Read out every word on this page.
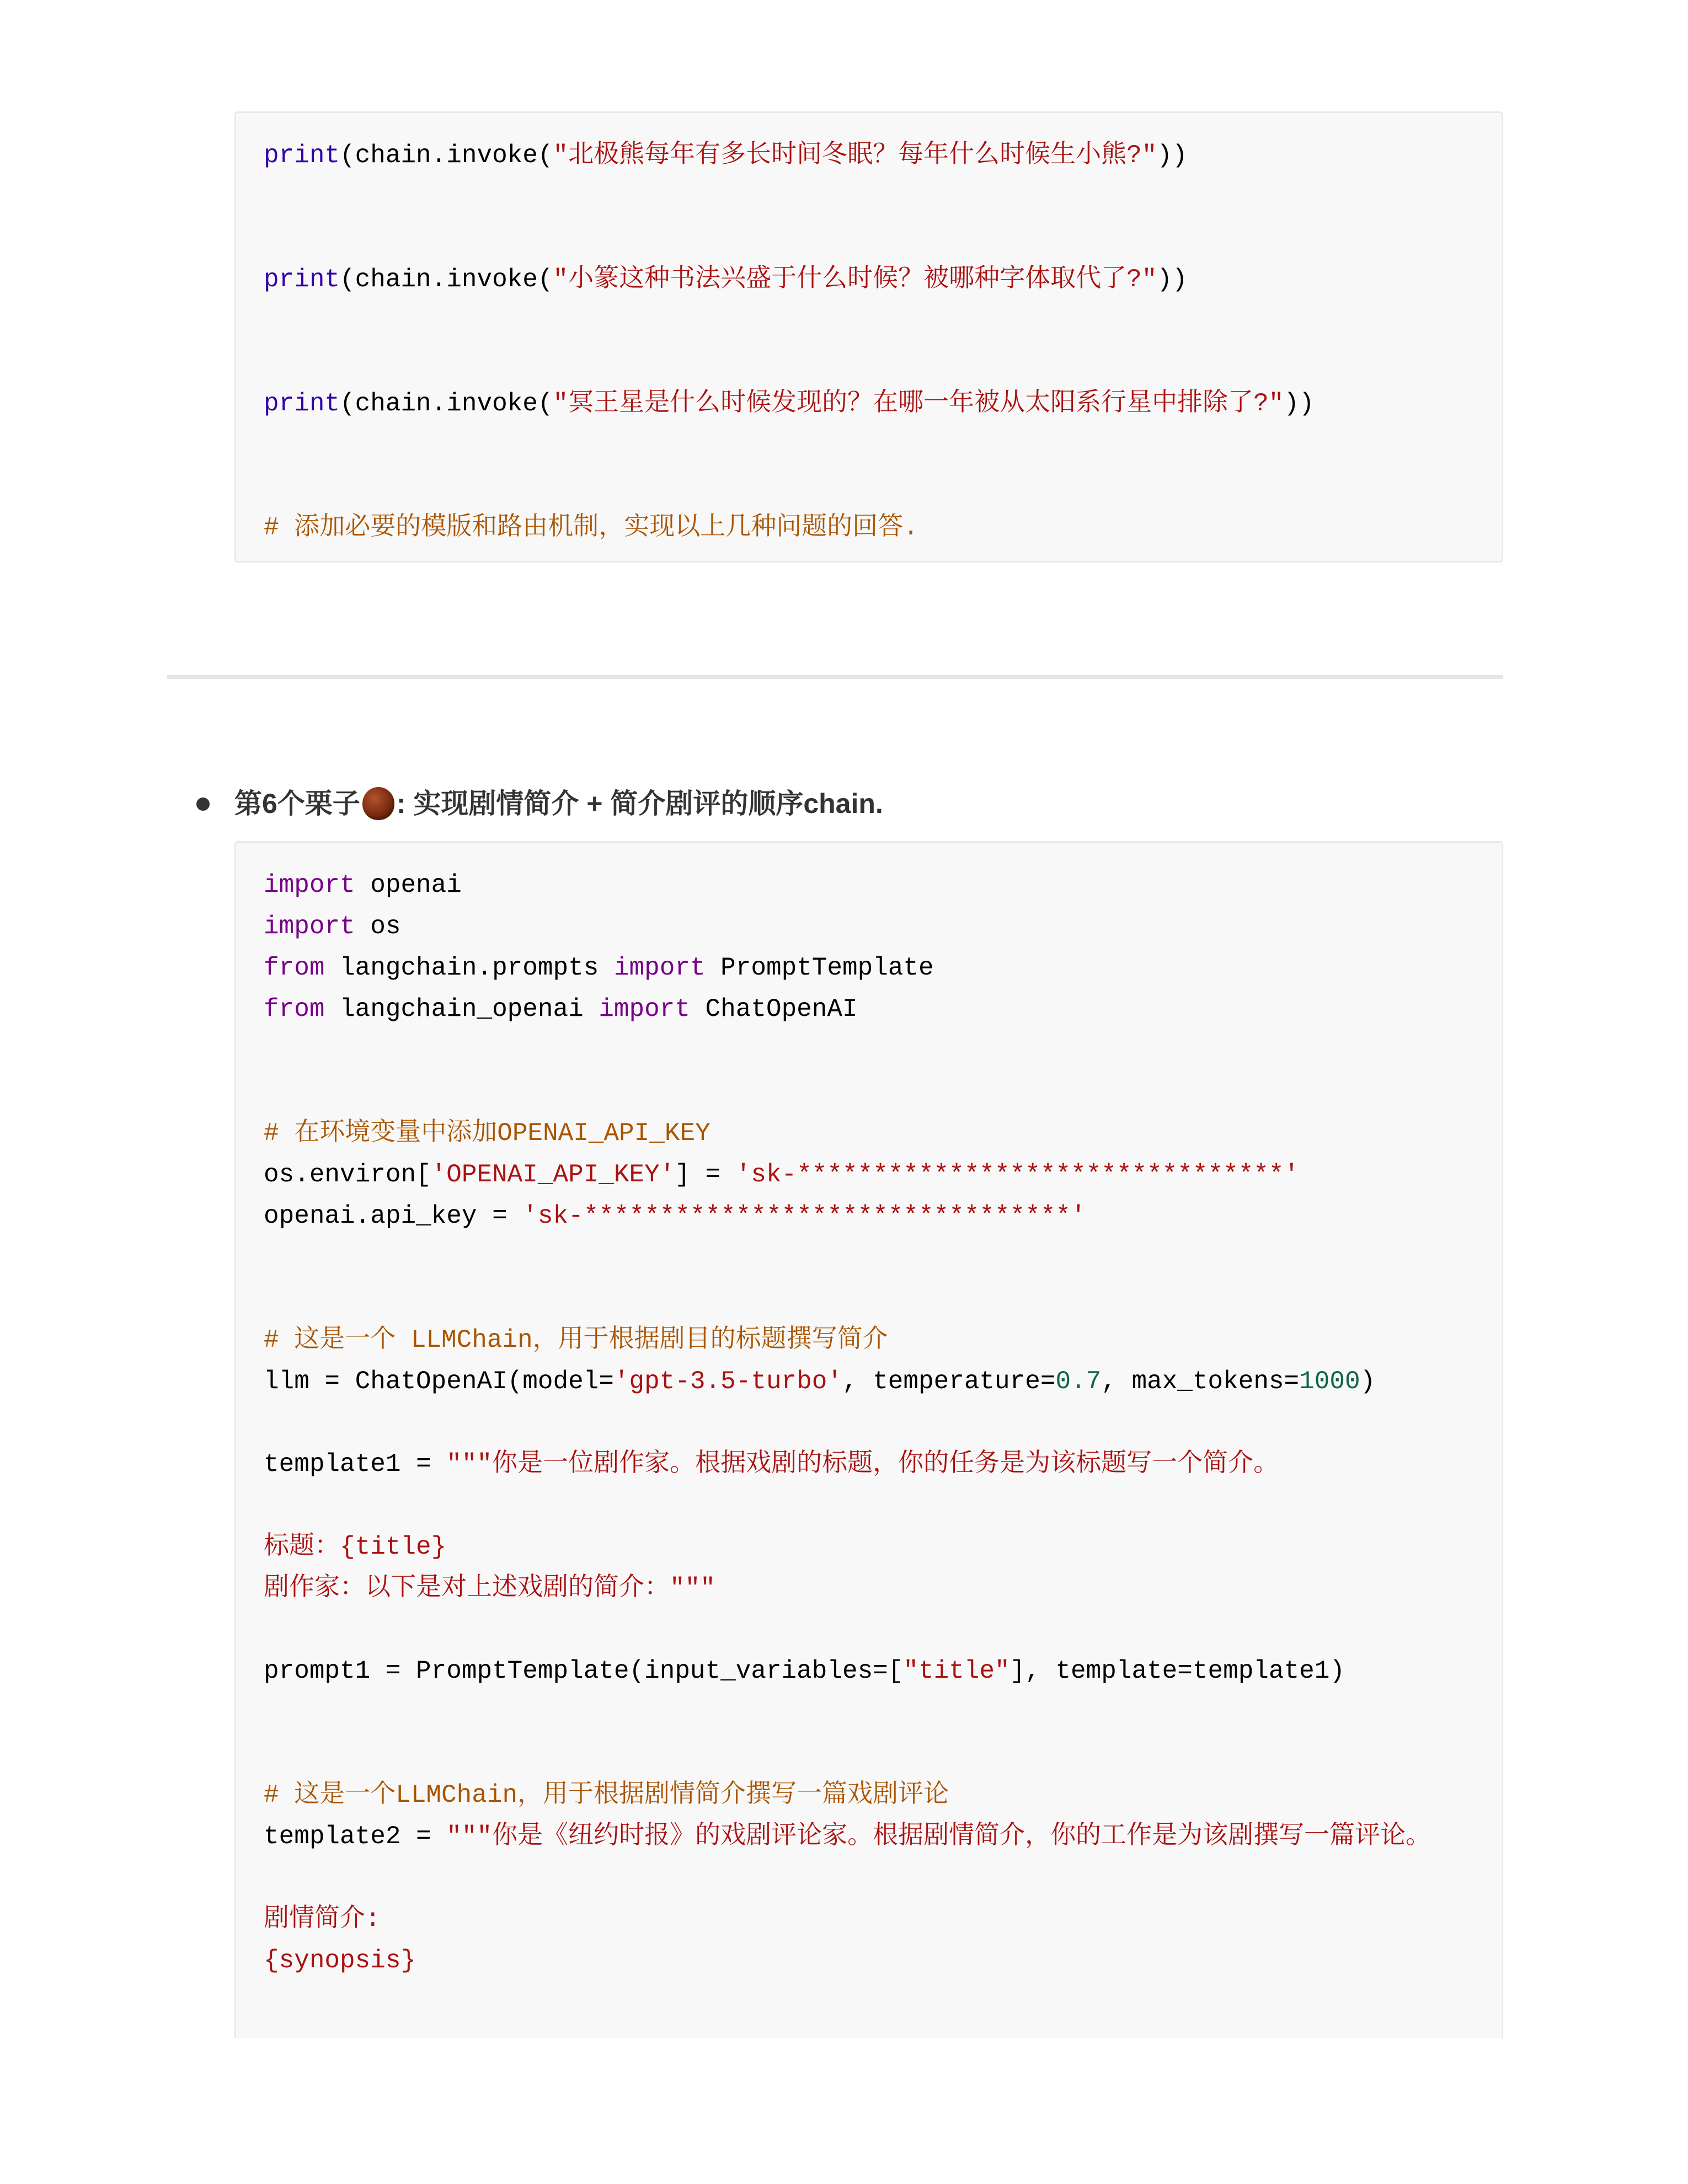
print(chain.invoke("北极熊每年有多长时间冬眠？每年什么时候生小熊?"))
print(chain.invoke("小篆这种书法兴盛于什么时候？被哪种字体取代了?"))
print(chain.invoke("冥王星是什么时候发现的？在哪一年被从太阳系行星中排除了?"))
# 添加必要的模版和路由机制，实现以上几种问题的回答.
第6个栗子 : 实现剧情简介 + 简介剧评的顺序chain.
import openai
import os
from langchain.prompts import PromptTemplate
from langchain_openai import ChatOpenAI
# 在环境变量中添加OPENAI_API_KEY
os.environ['OPENAI_API_KEY'] = 'sk-********************************'
openai.api_key = 'sk-********************************'
# 这是一个 LLMChain，用于根据剧目的标题撰写简介
llm = ChatOpenAI(model='gpt-3.5-turbo', temperature=0.7, max_tokens=1000)
template1 = """你是一位剧作家。根据戏剧的标题，你的任务是为该标题写一个简介。
标题：{title}
剧作家：以下是对上述戏剧的简介："""
prompt1 = PromptTemplate(input_variables=["title"], template=template1)
# 这是一个LLMChain，用于根据剧情简介撰写一篇戏剧评论
template2 = """你是《纽约时报》的戏剧评论家。根据剧情简介，你的工作是为该剧撰写一篇评论。
剧情简介:
{synopsis}
